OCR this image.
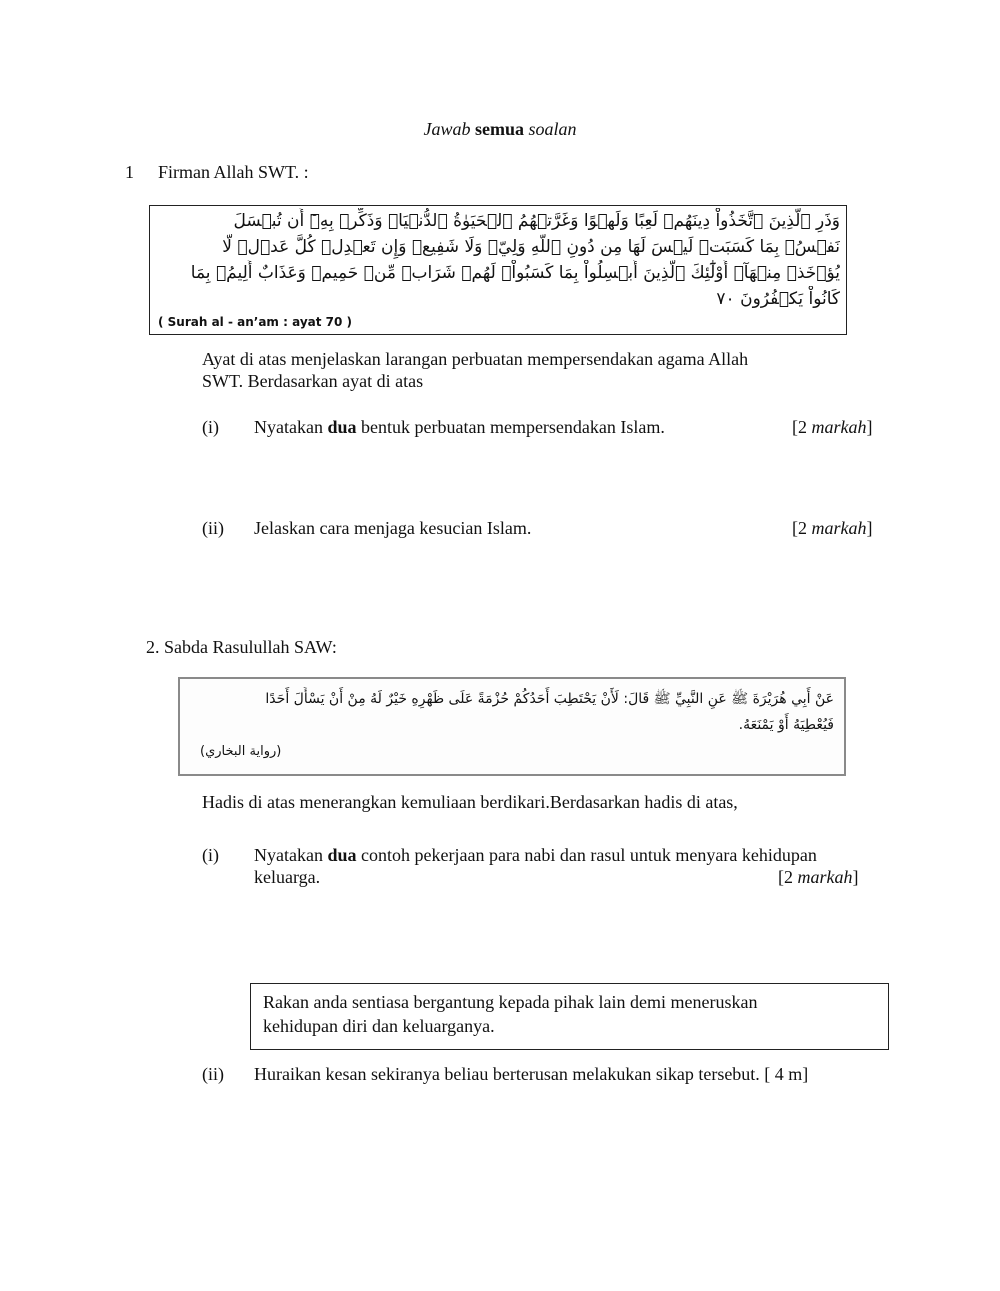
Jawab semua soalan
1 Firman Allah SWT. :
وَذَرِ ٱلَّذِينَ ٱتَّخَذُواْ دِينَهُمۡ لَعِبًا وَلَهۡوًا وَغَرَّتۡهُمُ ٱلۡحَيَوٰةُ ٱلدُّنۡيَاۚ وَذَكِّرۡ بِهِۦٓ أَن تُبۡسَلَ
نَفۡسُۢ بِمَا كَسَبَتۡ لَيۡسَ لَهَا مِن دُونِ ٱللَّهِ وَلِيّٞ وَلَا شَفِيعٞ وَإِن تَعۡدِلۡ كُلَّ عَدۡلٖ لَّا
يُؤۡخَذۡ مِنۡهَآۗ أُوْلَٰٓئِكَ ٱلَّذِينَ أُبۡسِلُواْ بِمَا كَسَبُواْۖ لَهُمۡ شَرَابٞ مِّنۡ حَمِيمٖ وَعَذَابٌ أَلِيمُۢ بِمَا
كَانُواْ يَكۡفُرُونَ ٧٠
( Surah al - an’am : ayat 70 )
Ayat di atas menjelaskan larangan perbuatan mempersendakan agama Allah
SWT. Berdasarkan ayat di atas
(i) Nyatakan dua bentuk perbuatan mempersendakan Islam.	[2 markah]
(ii) Jelaskan cara menjaga kesucian Islam.	[2 markah]
2. Sabda Rasulullah SAW:
عَنْ أَبِي هُرَيْرَةَ ﷺ عَنِ النَّبِيِّ ﷺ قَالَ: لَأَنْ يَحْتَطِبَ أَحَدُكُمْ حُزْمَةً عَلَى ظَهْرِهِ خَيْرٌ لَهُ مِنْ أَنْ يَسْأَلَ أَحَدًا
فَيُعْطِيَهُ أَوْ يَمْنَعَهُ.
(رواية البخاري)
Hadis di atas menerangkan kemuliaan berdikari.Berdasarkan hadis di atas,
(i) Nyatakan dua contoh pekerjaan para nabi dan rasul untuk menyara kehidupan
keluarga.	[2 markah]
Rakan anda sentiasa bergantung kepada pihak lain demi meneruskan
kehidupan diri dan keluarganya.
(ii) Huraikan kesan sekiranya beliau berterusan melakukan sikap tersebut. [ 4 m]
